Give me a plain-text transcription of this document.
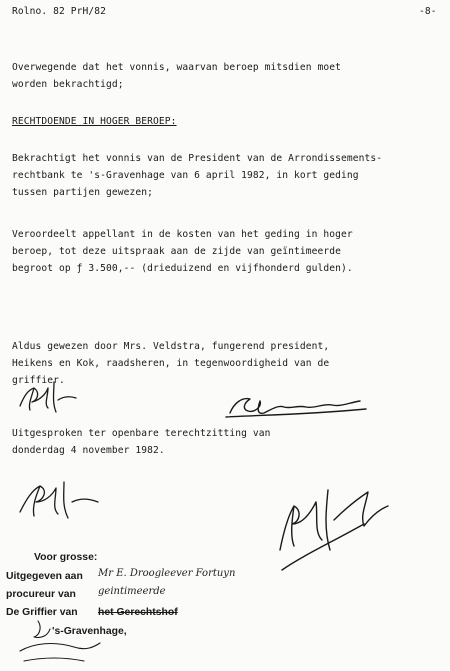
Rolno. 82 PrH/82	-8-
Overwegende dat het vonnis, waarvan beroep mitsdien moet
worden bekrachtigd;
RECHTDOENDE IN HOGER BEROEP:
Bekrachtigt het vonnis van de President van de Arrondissements-
rechtbank te 's-Gravenhage van 6 april 1982, in kort geding
tussen partijen gewezen;
Veroordeelt appellant in de kosten van het geding in hoger
beroep, tot deze uitspraak aan de zijde van geïntimeerde
begroot op ƒ 3.500,-- (drieduizend en vijfhonderd gulden).
Aldus gewezen door Mrs. Veldstra, fungerend president,
Heikens en Kok, raadsheren, in tegenwoordigheid van de
griffier.
Uitgesproken ter openbare terechtzitting van
donderdag 4 november 1982.
Voor grosse:
Uitgegeven aan Mr E. Droogleever Fortuyn
procureur van geintimeerde
De Griffier van het Gerechtshof
's-Gravenhage,
